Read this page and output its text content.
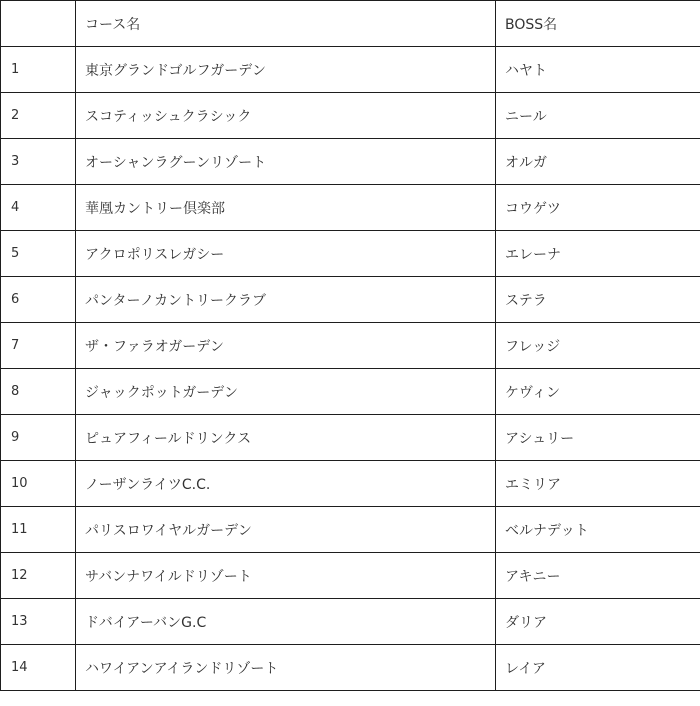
	コース名	BOSS名
1	東京グランドゴルフガーデン	ハヤト
2	スコティッシュクラシック	ニール
3	オーシャンラグーンリゾート	オルガ
4	華凰カントリー倶楽部	コウゲツ
5	アクロポリスレガシー	エレーナ
6	パンターノカントリークラブ	ステラ
7	ザ・ファラオガーデン	フレッジ
8	ジャックポットガーデン	ケヴィン
9	ピュアフィールドリンクス	アシュリー
10	ノーザンライツC.C.	エミリア
11	パリスロワイヤルガーデン	ベルナデット
12	サバンナワイルドリゾート	アキニー
13	ドバイアーバンG.C	ダリア
14	ハワイアンアイランドリゾート	レイア
